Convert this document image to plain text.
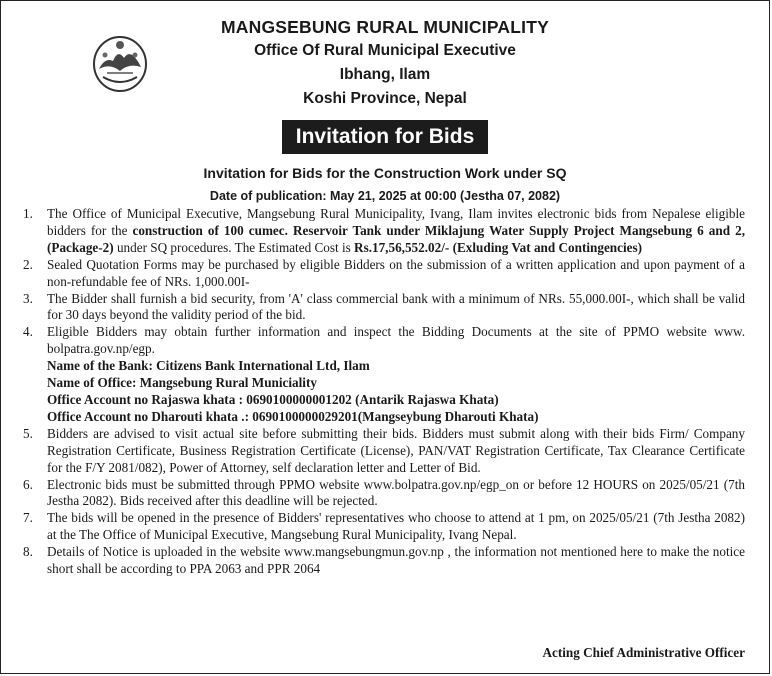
MANGSEBUNG RURAL MUNICIPALITY
Office Of Rural Municipal Executive
Ibhang, Ilam
Koshi Province, Nepal
Invitation for Bids
Invitation for Bids for the Construction Work under SQ
Date of publication: May 21, 2025 at 00:00 (Jestha 07, 2082)
1.	The Office of Municipal Executive, Mangsebung Rural Municipality, Ivang, Ilam invites electronic bids from Nepalese eligible bidders for the construction of 100 cumec. Reservoir Tank under Miklajung Water Supply Project Mangsebung 6 and 2, (Package-2) under SQ procedures. The Estimated Cost is Rs.17,56,552.02/- (Exluding Vat and Contingencies)
2.	Sealed Quotation Forms may be purchased by eligible Bidders on the submission of a written application and upon payment of a non-refundable fee of NRs. 1,000.00I-
3.	The Bidder shall furnish a bid security, from 'A' class commercial bank with a minimum of NRs. 55,000.00I-, which shall be valid for 30 days beyond the validity period of the bid.
4.	Eligible Bidders may obtain further information and inspect the Bidding Documents at the site of PPMO website www. bolpatra.gov.np/egp.
Name of the Bank: Citizens Bank International Ltd, Ilam
Name of Office: Mangsebung Rural Municiality
Office Account no Rajaswa khata : 0690100000001202 (Antarik Rajaswa Khata)
Office Account no Dharouti khata .: 0690100000029201(Mangseybung Dharouti Khata)
5.	Bidders are advised to visit actual site before submitting their bids. Bidders must submit along with their bids Firm/ Company Registration Certificate, Business Registration Certificate (License), PAN/VAT Registration Certificate, Tax Clearance Certificate for the F/Y 2081/082), Power of Attorney, self declaration letter and Letter of Bid.
6.	Electronic bids must be submitted through PPMO website www.bolpatra.gov.np/egp_on or before 12 HOURS on 2025/05/21 (7th Jestha 2082). Bids received after this deadline will be rejected.
7.	The bids will be opened in the presence of Bidders' representatives who choose to attend at 1 pm, on 2025/05/21 (7th Jestha 2082) at the The Office of Municipal Executive, Mangsebung Rural Municipality, Ivang Nepal.
8.	Details of Notice is uploaded in the website www.mangsebungmun.gov.np , the information not mentioned here to make the notice short shall be according to PPA 2063 and PPR 2064
Acting Chief Administrative Officer
